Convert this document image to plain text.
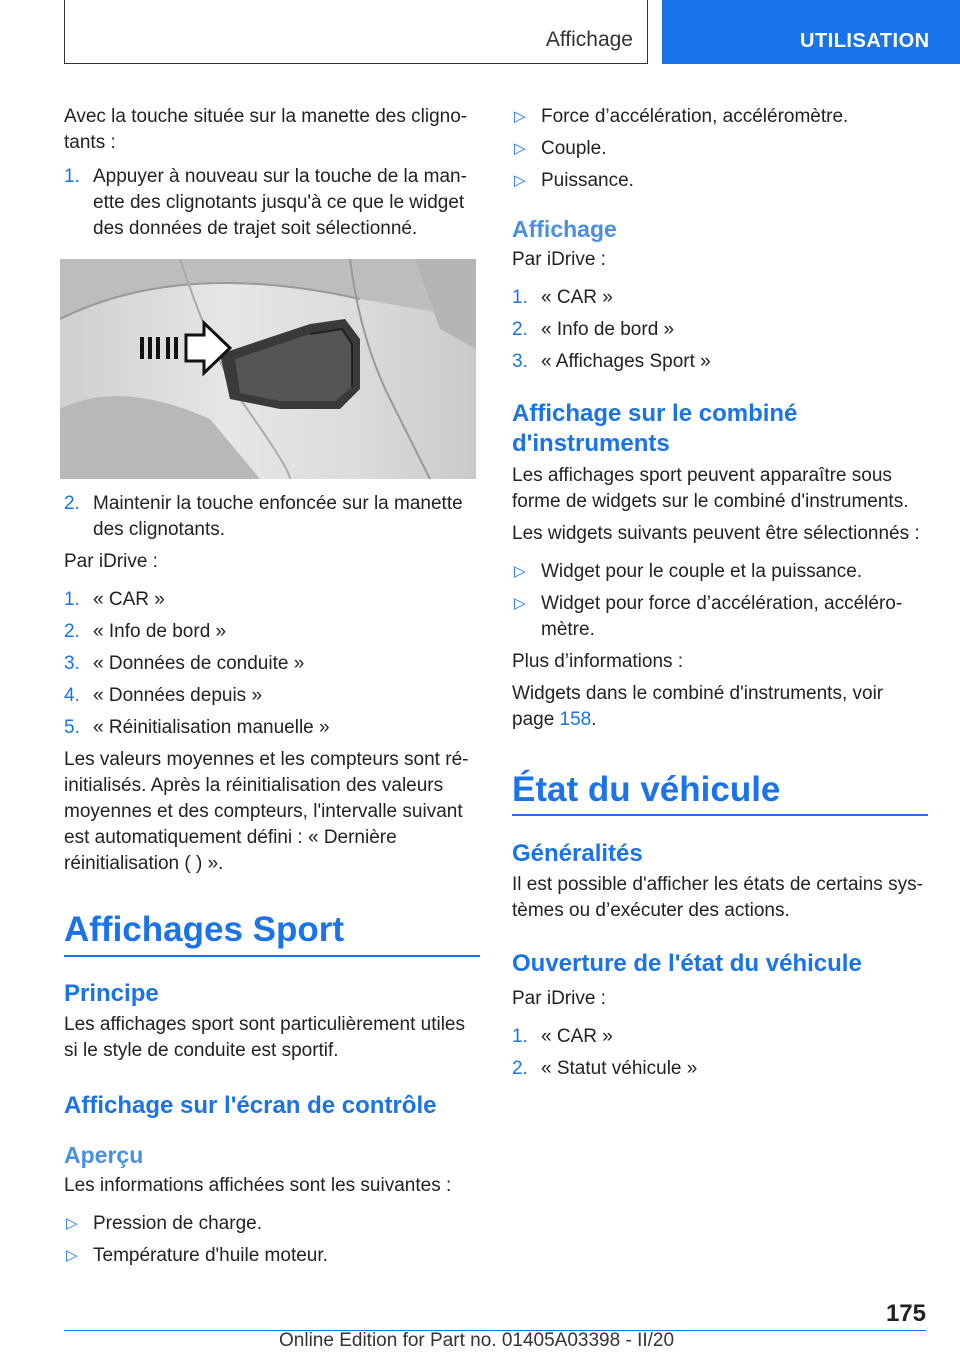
Affichage	UTILISATION

Avec la touche située sur la manette des cligno-tants :

1. Appuyer à nouveau sur la touche de la man-ette des clignotants jusqu'à ce que le widget des données de trajet soit sélectionné.
2. Maintenir la touche enfoncée sur la manette des clignotants.

Par iDrive :

1. « CAR »
2. « Info de bord »
3. « Données de conduite »
4. « Données depuis »
5. « Réinitialisation manuelle »

Les valeurs moyennes et les compteurs sont ré-initialisés. Après la réinitialisation des valeurs moyennes et des compteurs, l'intervalle suivant est automatiquement défini : « Dernière réinitialisation ( ) ».

Affichages Sport
Principe

Les affichages sport sont particulièrement utiles si le style de conduite est sportif.

Affichage sur l'écran de contrôle
Aperçu

Les informations affichées sont les suivantes :

▷ Pression de charge.
▷ Température d'huile moteur.
▷ Force d’accélération, accéléromètre.
▷ Couple.
▷ Puissance.
Affichage

Par iDrive :

1. « CAR »
2. « Info de bord »
3. « Affichages Sport »
Affichage sur le combiné
d'instruments

Les affichages sport peuvent apparaître sous forme de widgets sur le combiné d'instruments.

Les widgets suivants peuvent être sélectionnés :

▷ Widget pour le couple et la puissance.
▷ Widget pour force d’accélération, accéléro-mètre.

Plus d’informations :

Widgets dans le combiné d'instruments, voir page 158.

État du véhicule
Généralités

Il est possible d'afficher les états de certains sys-tèmes ou d’exécuter des actions.

Ouverture de l'état du véhicule

Par iDrive :

1. « CAR »
2. « Statut véhicule »
175
Online Edition for Part no. 01405A03398 - II/20
